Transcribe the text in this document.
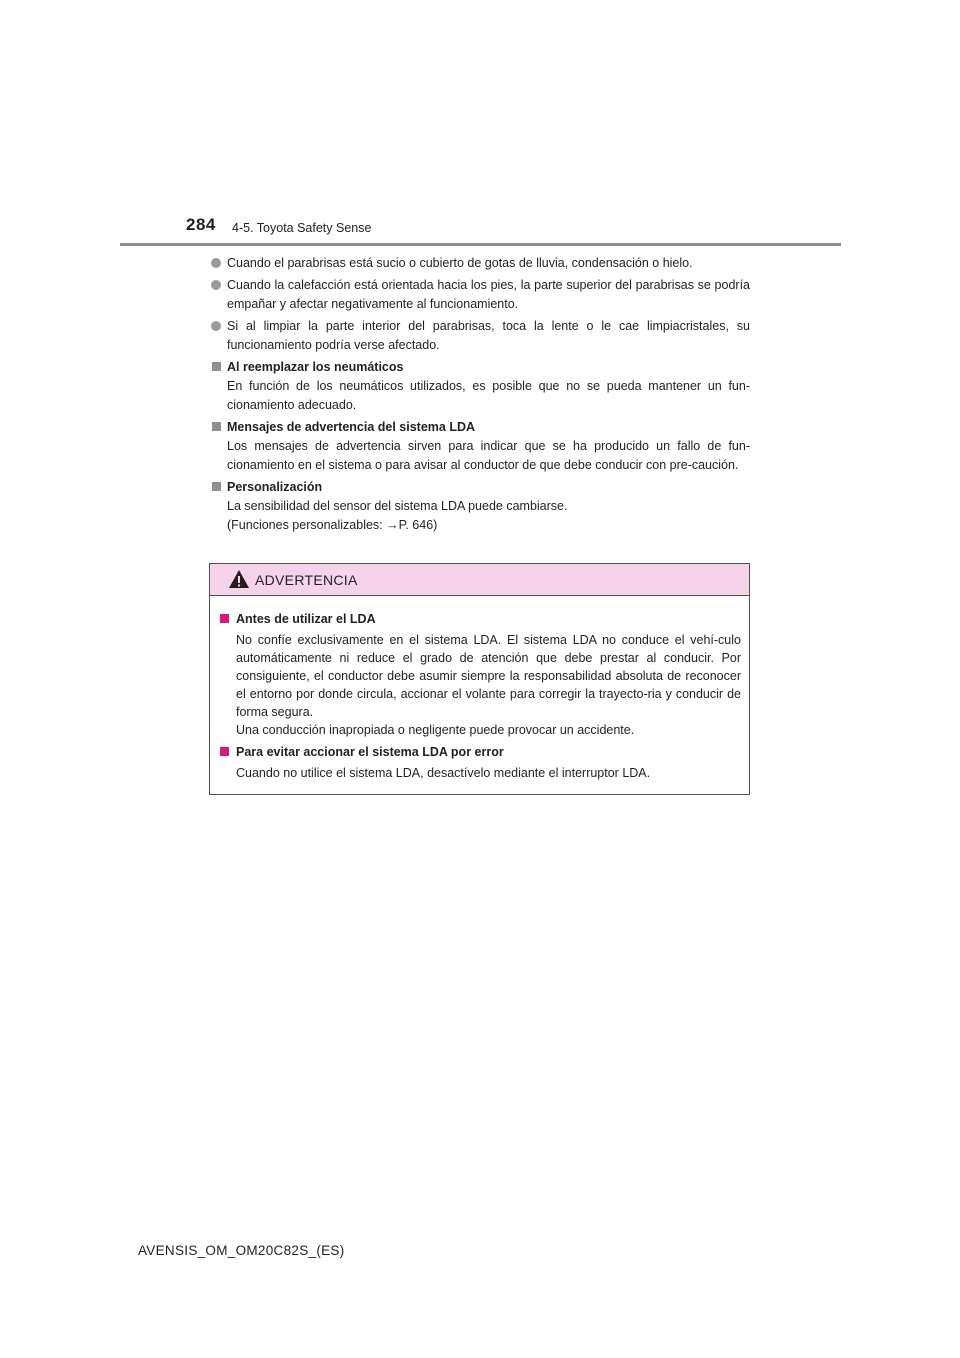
284 4-5. Toyota Safety Sense
Cuando el parabrisas está sucio o cubierto de gotas de lluvia, condensación o hielo.
Cuando la calefacción está orientada hacia los pies, la parte superior del parabrisas se podría empañar y afectar negativamente al funcionamiento.
Si al limpiar la parte interior del parabrisas, toca la lente o le cae limpiacristales, su funcionamiento podría verse afectado.
Al reemplazar los neumáticos
En función de los neumáticos utilizados, es posible que no se pueda mantener un fun-cionamiento adecuado.
Mensajes de advertencia del sistema LDA
Los mensajes de advertencia sirven para indicar que se ha producido un fallo de fun-cionamiento en el sistema o para avisar al conductor de que debe conducir con pre-caución.
Personalización
La sensibilidad del sensor del sistema LDA puede cambiarse.
(Funciones personalizables: →P. 646)
ADVERTENCIA
Antes de utilizar el LDA
No confíe exclusivamente en el sistema LDA. El sistema LDA no conduce el vehí-culo automáticamente ni reduce el grado de atención que debe prestar al conducir. Por consiguiente, el conductor debe asumir siempre la responsabilidad absoluta de reconocer el entorno por donde circula, accionar el volante para corregir la trayecto-ria y conducir de forma segura.
Una conducción inapropiada o negligente puede provocar un accidente.
Para evitar accionar el sistema LDA por error
Cuando no utilice el sistema LDA, desactívelo mediante el interruptor LDA.
AVENSIS_OM_OM20C82S_(ES)
